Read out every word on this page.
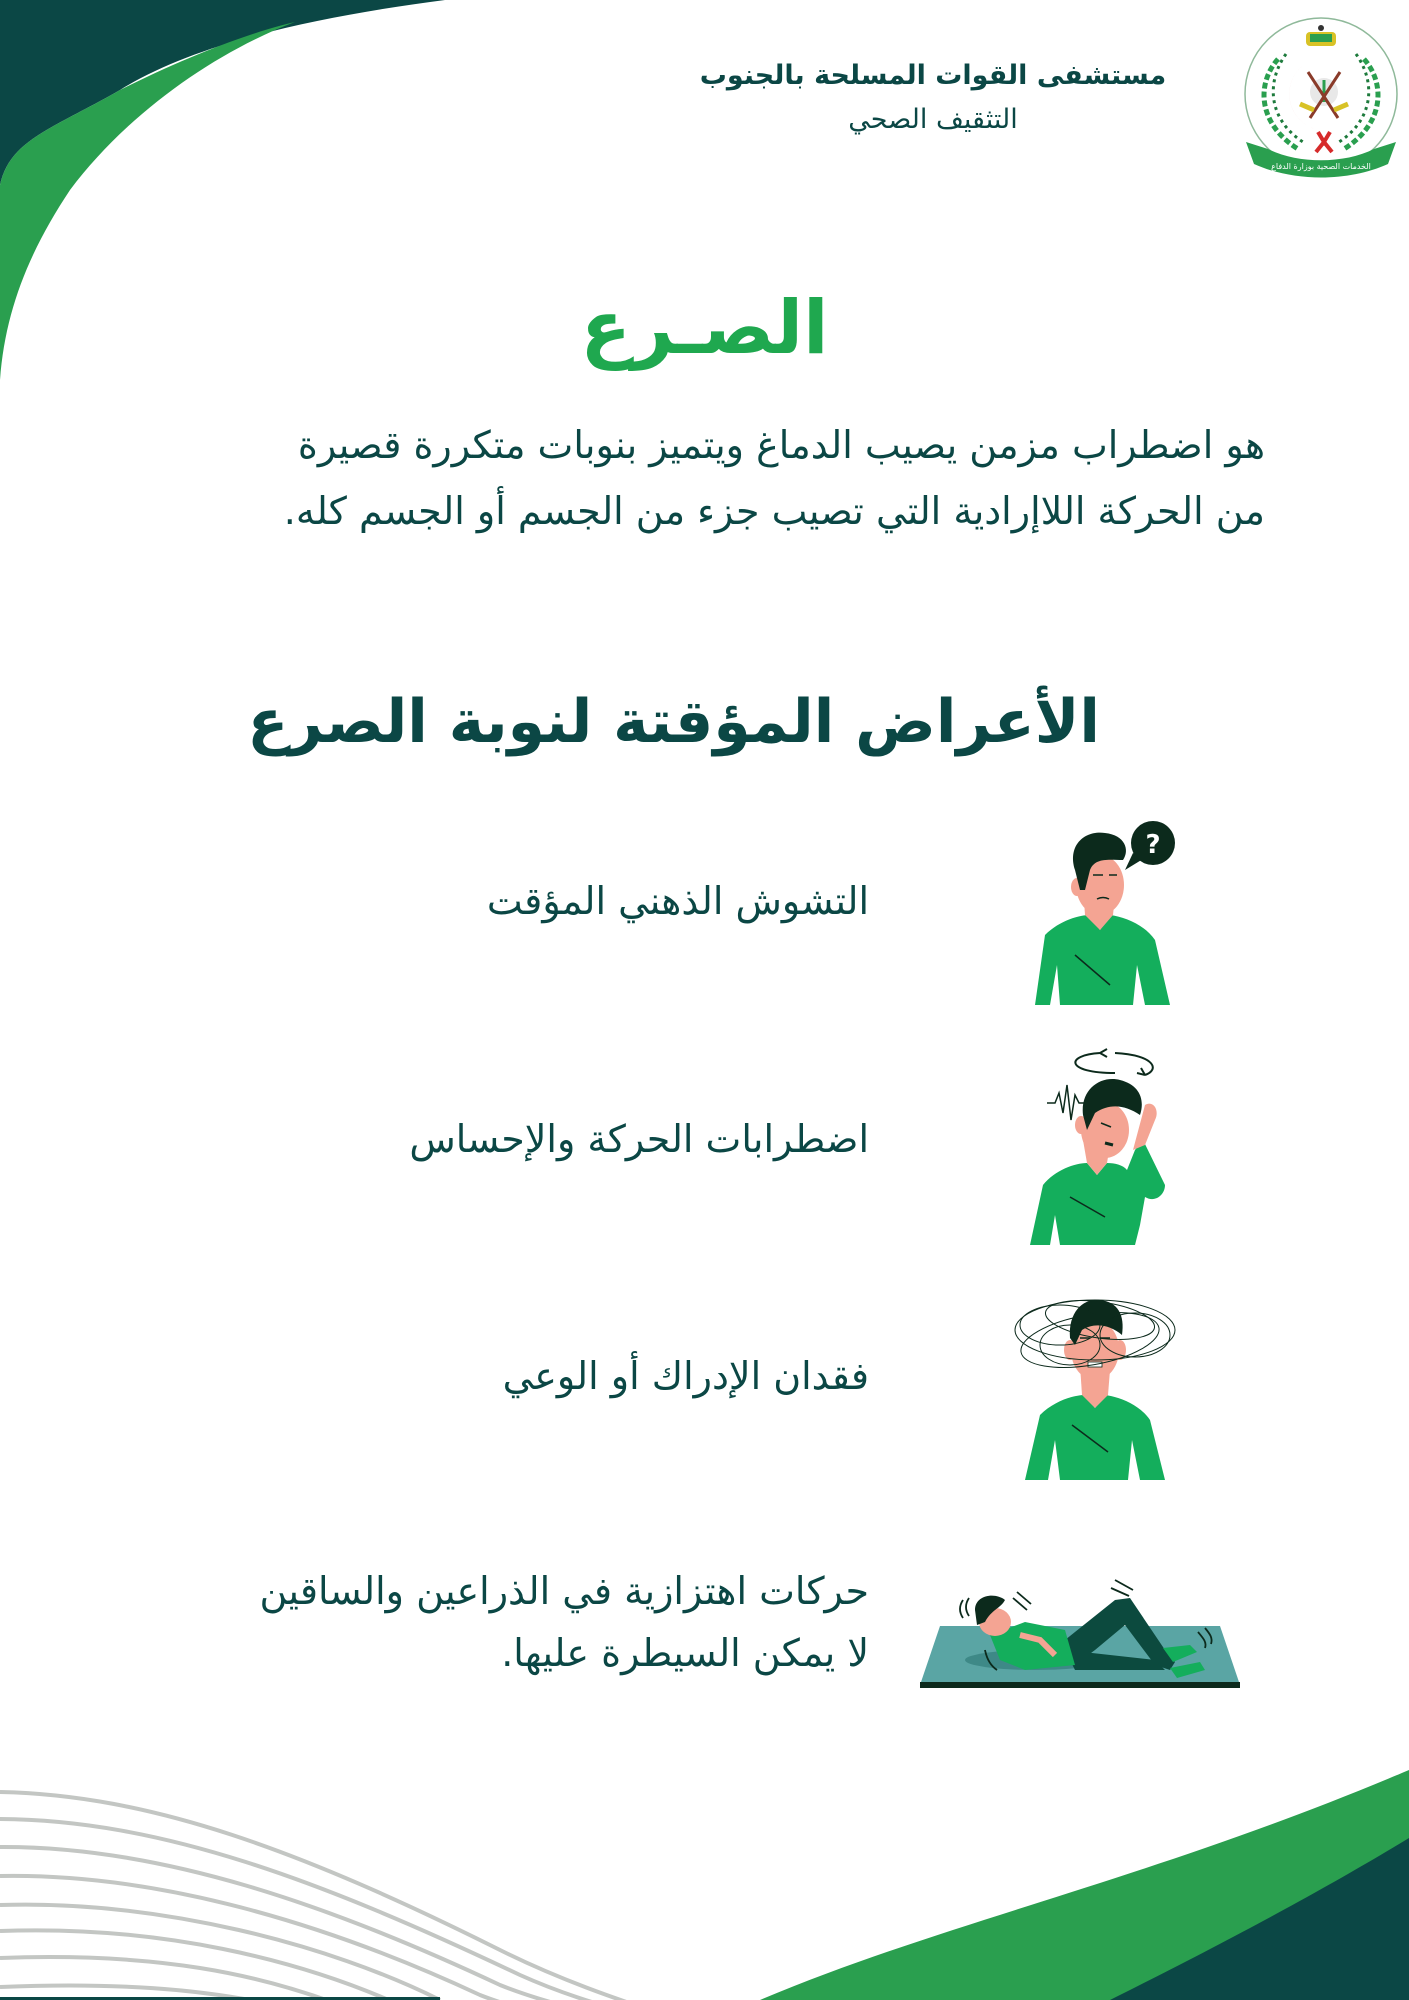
مستشفى القوات المسلحة بالجنوب
التثقيف الصحي
الخدمات الصحية بوزارة الدفاع
الصـرع

هو اضطراب مزمن يصيب الدماغ ويتميز بنوبات متكررة قصيرة

من الحركة اللاإرادية التي تصيب جزء من الجسم أو الجسم كله.

الأعراض المؤقتة لنوبة الصرع

التشوش الذهني المؤقت

?

اضطرابات الحركة والإحساس

فقدان الإدراك أو الوعي

حركات اهتزازية في الذراعين والساقين

لا يمكن السيطرة عليها.
